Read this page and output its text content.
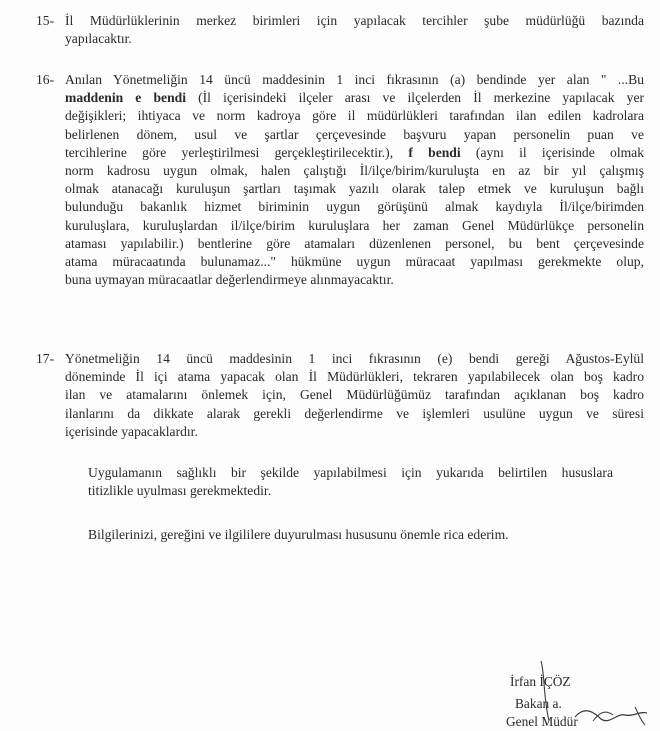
15- İl Müdürlüklerinin merkez birimleri için yapılacak tercihler şube müdürlüğü bazında
yapılacaktır.
16- Anılan Yönetmeliğin 14 üncü maddesinin 1 inci fıkrasının (a) bendinde yer alan " ...Bu
maddenin e bendi (İl içerisindeki ilçeler arası ve ilçelerden İl merkezine yapılacak yer
değişikleri; ihtiyaca ve norm kadroya göre il müdürlükleri tarafından ilan edilen kadrolara
belirlenen dönem, usul ve şartlar çerçevesinde başvuru yapan personelin puan ve
tercihlerine göre yerleştirilmesi gerçekleştirilecektir.), f bendi (aynı il içerisinde olmak
norm kadrosu uygun olmak, halen çalıştığı İl/ilçe/birim/kuruluşta en az bir yıl çalışmış
olmak atanacağı kuruluşun şartları taşımak yazılı olarak talep etmek ve kuruluşun bağlı
bulunduğu bakanlık hizmet biriminin uygun görüşünü almak kaydıyla İl/ilçe/birimden
kuruluşlara, kuruluşlardan il/ilçe/birim kuruluşlara her zaman Genel Müdürlükçe personelin
ataması yapılabilir.) bentlerine göre atamaları düzenlenen personel, bu bent çerçevesinde
atama müracaatında bulunamaz..." hükmüne uygun müracaat yapılması gerekmekte olup,
buna uymayan müracaatlar değerlendirmeye alınmayacaktır.
17- Yönetmeliğin 14 üncü maddesinin 1 inci fıkrasının (e) bendi gereği Ağustos-Eylül
döneminde İl içi atama yapacak olan İl Müdürlükleri, tekraren yapılabilecek olan boş kadro
ilan ve atamalarını önlemek için, Genel Müdürlüğümüz tarafından açıklanan boş kadro
ilanlarını da dikkate alarak gerekli değerlendirme ve işlemleri usulüne uygun ve süresi
içerisinde yapacaklardır.
Uygulamanın sağlıklı bir şekilde yapılabilmesi için yukarıda belirtilen hususlara
titizlikle uyulması gerekmektedir.
Bilgilerinizi, gereğini ve ilgililere duyurulması hususunu önemle rica ederim.
İrfan İÇÖZ
Bakan a.
Genel Müdür
